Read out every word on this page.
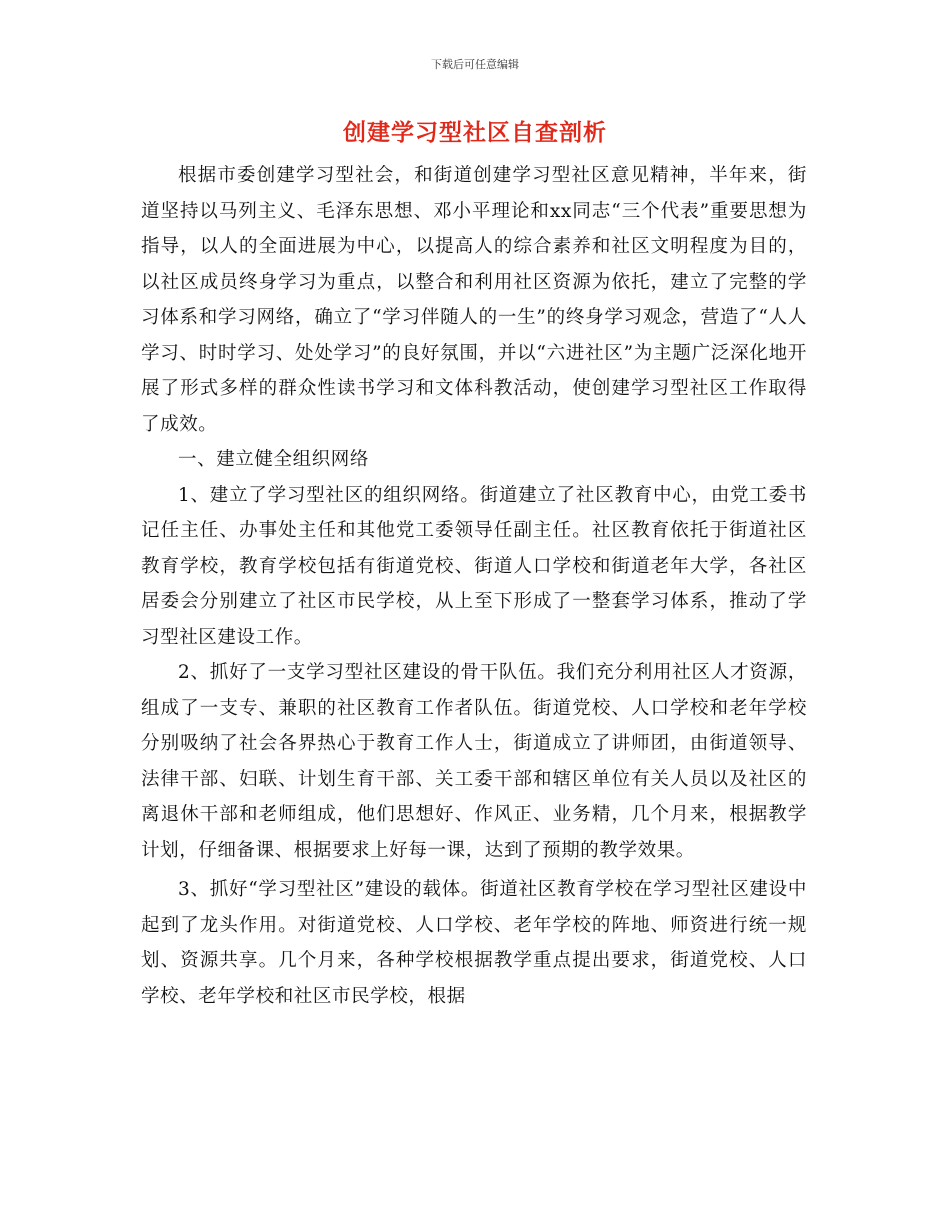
下载后可任意编辑
创建学习型社区自查剖析

根据市委创建学习型社会，和街道创建学习型社区意见精神，半年来，街道坚持以马列主义、毛泽东思想、邓小平理论和xx同志“三个代表”重要思想为指导，以人的全面进展为中心，以提高人的综合素养和社区文明程度为目的，以社区成员终身学习为重点，以整合和利用社区资源为依托，建立了完整的学习体系和学习网络，确立了“学习伴随人的一生”的终身学习观念，营造了“人人学习、时时学习、处处学习”的良好氛围，并以“六进社区”为主题广泛深化地开展了形式多样的群众性读书学习和文体科教活动，使创建学习型社区工作取得了成效。

一、建立健全组织网络

1、建立了学习型社区的组织网络。街道建立了社区教育中心，由党工委书记任主任、办事处主任和其他党工委领导任副主任。社区教育依托于街道社区教育学校，教育学校包括有街道党校、街道人口学校和街道老年大学，各社区居委会分别建立了社区市民学校，从上至下形成了一整套学习体系，推动了学习型社区建设工作。

2、抓好了一支学习型社区建设的骨干队伍。我们充分利用社区人才资源，组成了一支专、兼职的社区教育工作者队伍。街道党校、人口学校和老年学校分别吸纳了社会各界热心于教育工作人士，街道成立了讲师团，由街道领导、法律干部、妇联、计划生育干部、关工委干部和辖区单位有关人员以及社区的离退休干部和老师组成，他们思想好、作风正、业务精，几个月来，根据教学计划，仔细备课、根据要求上好每一课，达到了预期的教学效果。

3、抓好“学习型社区”建设的载体。街道社区教育学校在学习型社区建设中起到了龙头作用。对街道党校、人口学校、老年学校的阵地、师资进行统一规划、资源共享。几个月来，各种学校根据教学重点提出要求，街道党校、人口学校、老年学校和社区市民学校，根据
